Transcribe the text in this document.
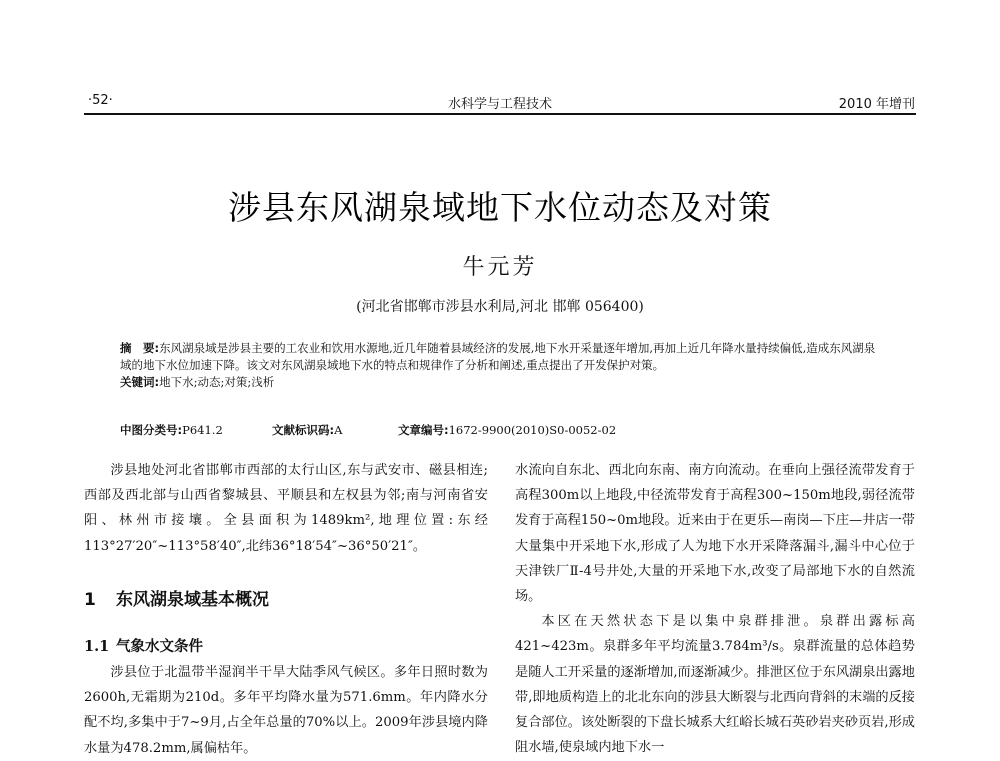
·52·	水科学与工程技术	2010 年增刊
涉县东风湖泉域地下水位动态及对策
牛元芳
(河北省邯郸市涉县水利局,河北 邯郸 056400)
摘　要:东风湖泉域是涉县主要的工农业和饮用水源地,近几年随着县域经济的发展,地下水开采量逐年增加,再加上近几年降水量持续偏低,造成东风湖泉域的地下水位加速下降。该文对东风湖泉域地下水的特点和规律作了分析和阐述,重点提出了开发保护对策。
关键词:地下水;动态;对策;浅析
中图分类号:P641.2	文献标识码:A	文章编号:1672-9900(2010)S0-0052-02

涉县地处河北省邯郸市西部的太行山区,东与武安市、磁县相连;西部及西北部与山西省黎城县、平顺县和左权县为邻;南与河南省安阳、林州市接壤。全县面积为1489km²,地理位置:东经113°27′20″~113°58′40″,北纬36°18′54″~36°50′21″。

1 东风湖泉域基本概况
1.1 气象水文条件

涉县位于北温带半湿润半干旱大陆季风气候区。多年日照时数为2600h,无霜期为210d。多年平均降水量为571.6mm。年内降水分配不均,多集中于7~9月,占全年总量的70%以上。2009年涉县境内降水量为478.2mm,属偏枯年。

水流向自东北、西北向东南、南方向流动。在垂向上强径流带发育于高程300m以上地段,中径流带发育于高程300~150m地段,弱径流带发育于高程150~0m地段。近来由于在更乐—南岗—下庄—井店一带大量集中开采地下水,形成了人为地下水开采降落漏斗,漏斗中心位于天津铁厂Ⅱ-4号井处,大量的开采地下水,改变了局部地下水的自然流场。

本区在天然状态下是以集中泉群排泄。泉群出露标高421~423m。泉群多年平均流量3.784m³/s。泉群流量的总体趋势是随人工开采量的逐渐增加,而逐渐减少。排泄区位于东风湖泉出露地带,即地质构造上的北北东向的涉县大断裂与北西向背斜的末端的反接复合部位。该处断裂的下盘长城系大红峪长城石英砂岩夹砂页岩,形成阻水墙,使泉域内地下水一
